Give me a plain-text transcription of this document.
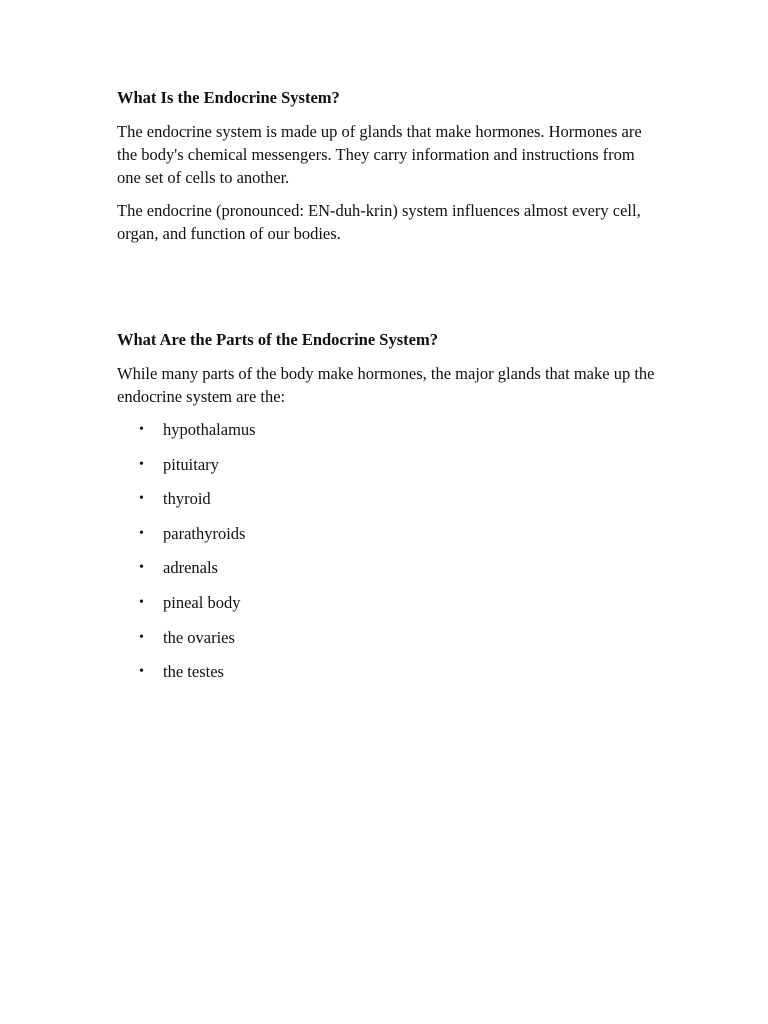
What Is the Endocrine System?

The endocrine system is made up of glands that make hormones. Hormones are the body's chemical messengers. They carry information and instructions from one set of cells to another.

The endocrine (pronounced: EN-duh-krin) system influences almost every cell, organ, and function of our bodies.

What Are the Parts of the Endocrine System?

While many parts of the body make hormones, the major glands that make up the endocrine system are the:

• hypothalamus
• pituitary
• thyroid
• parathyroids
• adrenals
• pineal body
• the ovaries
• the testes
